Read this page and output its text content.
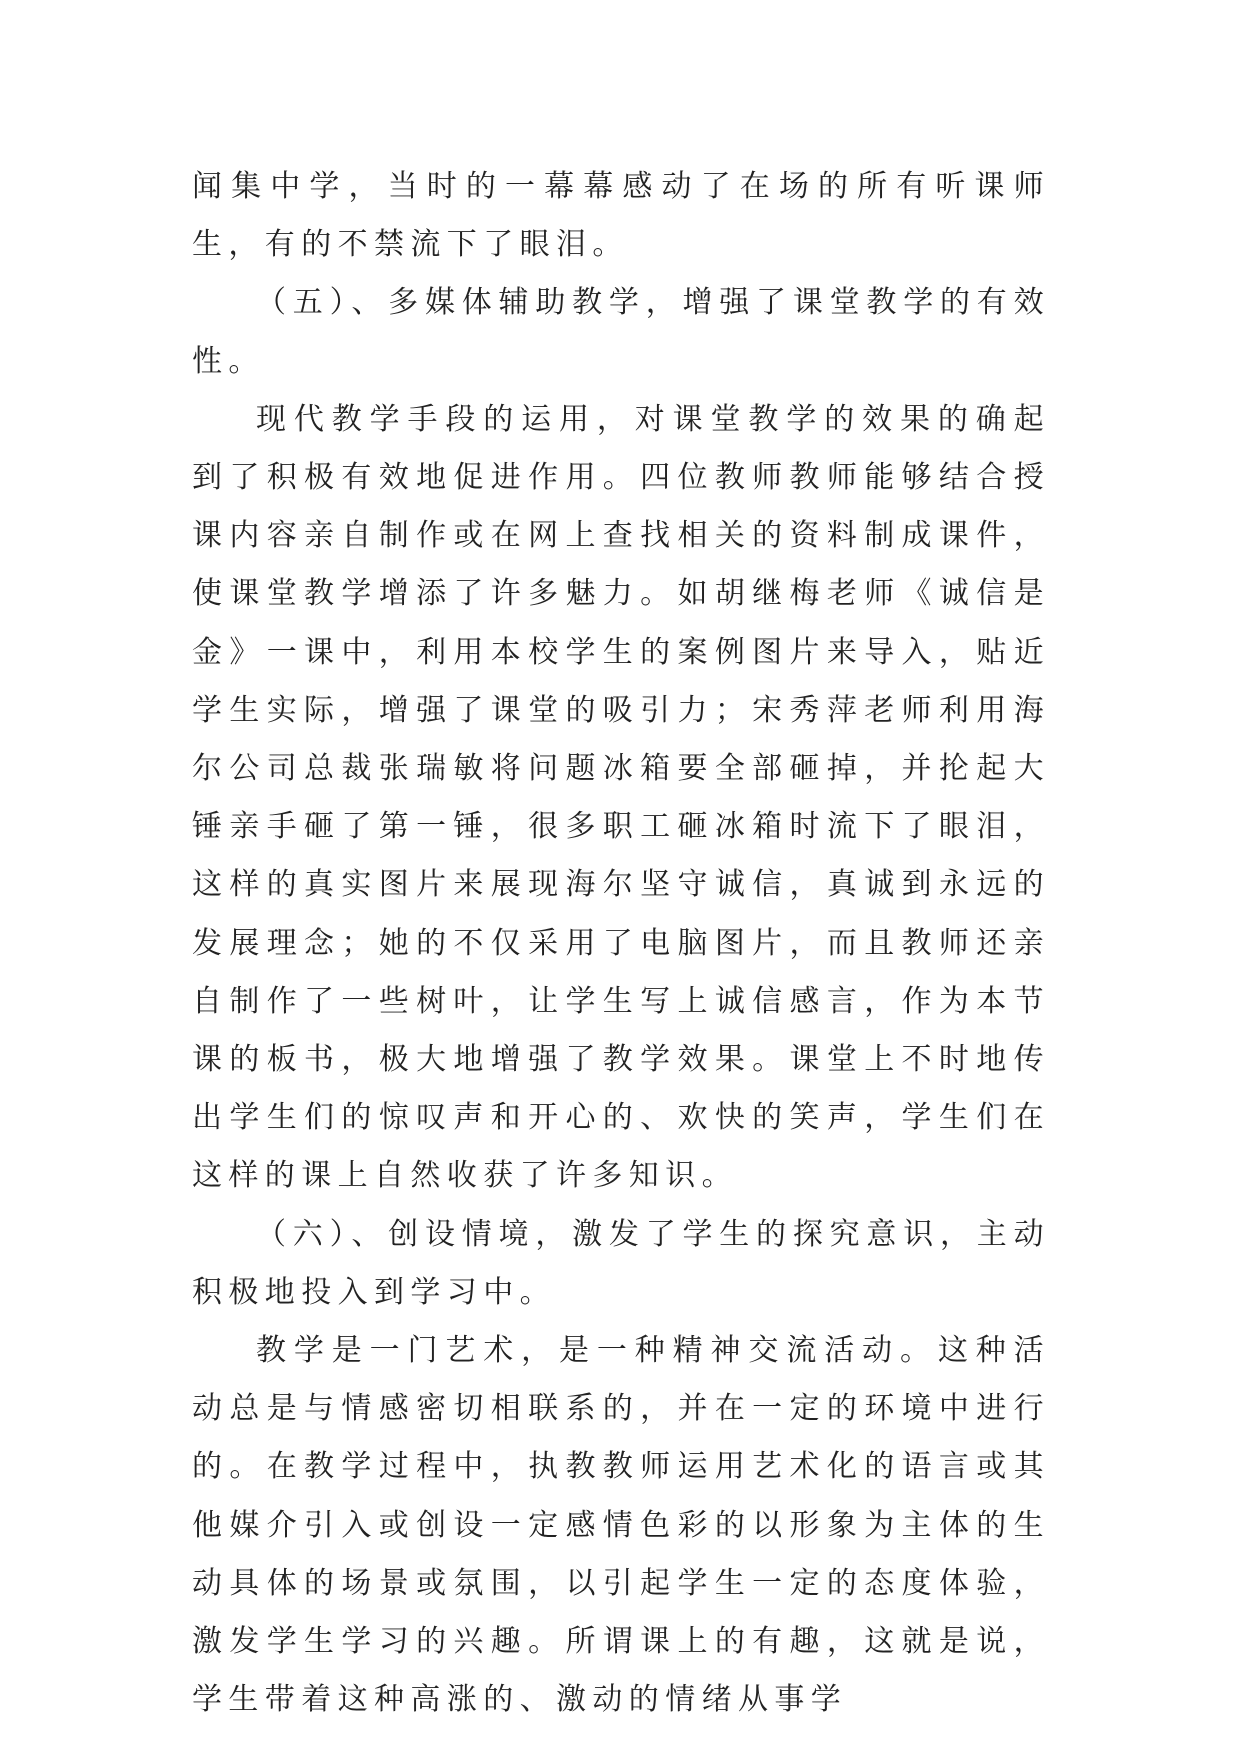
闻集中学，当时的一幕幕感动了在场的所有听课师生，有的不禁流下了眼泪。

（五）、多媒体辅助教学，增强了课堂教学的有效性。

现代教学手段的运用，对课堂教学的效果的确起到了积极有效地促进作用。四位教师教师能够结合授课内容亲自制作或在网上查找相关的资料制成课件，使课堂教学增添了许多魅力。如胡继梅老师《诚信是金》一课中，利用本校学生的案例图片来导入，贴近学生实际，增强了课堂的吸引力；宋秀萍老师利用海尔公司总裁张瑞敏将问题冰箱要全部砸掉，并抡起大锤亲手砸了第一锤，很多职工砸冰箱时流下了眼泪，这样的真实图片来展现海尔坚守诚信，真诚到永远的发展理念；她的不仅采用了电脑图片，而且教师还亲自制作了一些树叶，让学生写上诚信感言，作为本节课的板书，极大地增强了教学效果。课堂上不时地传出学生们的惊叹声和开心的、欢快的笑声，学生们在这样的课上自然收获了许多知识。

（六）、创设情境，激发了学生的探究意识，主动积极地投入到学习中。

教学是一门艺术，是一种精神交流活动。这种活动总是与情感密切相联系的，并在一定的环境中进行的。在教学过程中，执教教师运用艺术化的语言或其他媒介引入或创设一定感情色彩的以形象为主体的生动具体的场景或氛围，以引起学生一定的态度体验，激发学生学习的兴趣。所谓课上的有趣，这就是说，学生带着这种高涨的、激动的情绪从事学
